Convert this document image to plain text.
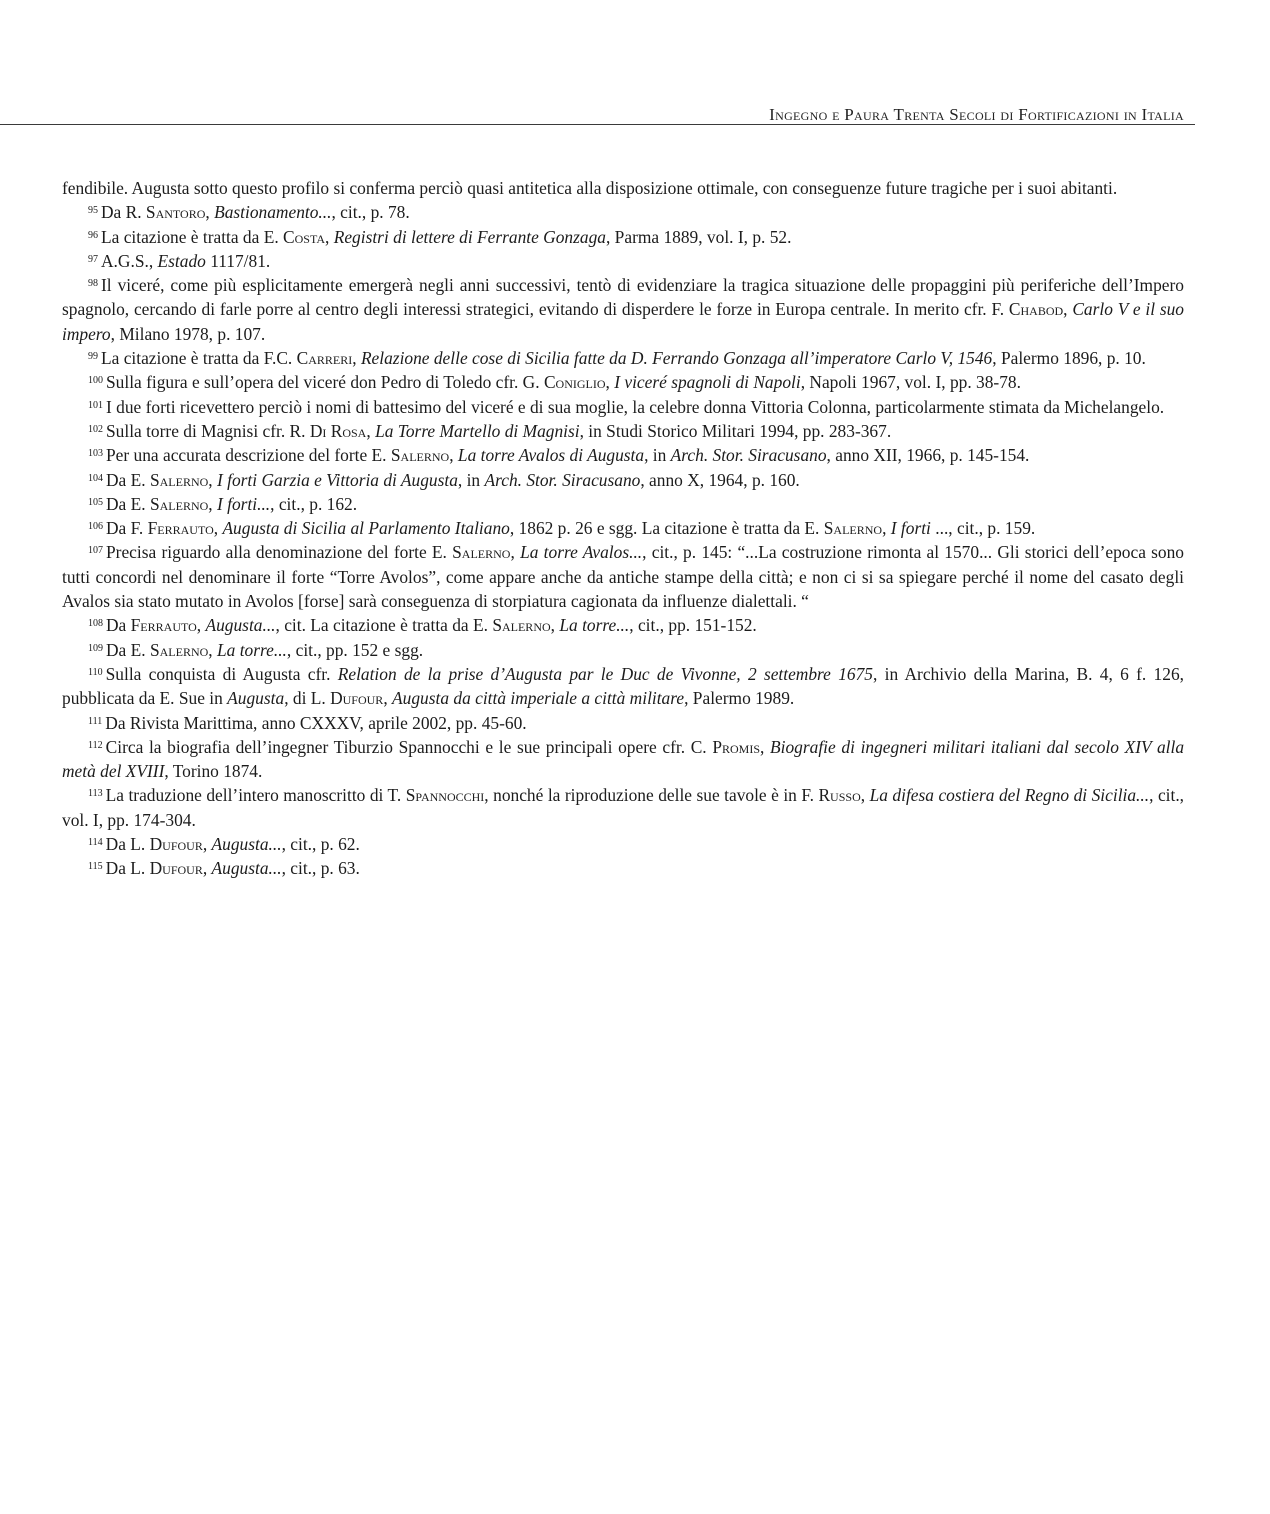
Ingegno e Paura Trenta Secoli di Fortificazioni in Italia

fendibile. Augusta sotto questo profilo si conferma perciò quasi antitetica alla disposizione ottimale, con conseguenze future tragiche per i suoi abitanti.

$^{95}$ Da R. Santoro, Bastionamento..., cit., p. 78.

$^{96}$ La citazione è tratta da E. Costa, Registri di lettere di Ferrante Gonzaga, Parma 1889, vol. I, p. 52.

$^{97}$ A.G.S., Estado 1117/81.

$^{98}$ Il viceré, come più esplicitamente emergerà negli anni successivi, tentò di evidenziare la tragica situazione delle propaggini più periferiche dell’Impero spagnolo, cercando di farle porre al centro degli interessi strategici, evitando di disperdere le forze in Europa centrale. In merito cfr. F. Chabod, Carlo V e il suo impero, Milano 1978, p. 107.

$^{99}$ La citazione è tratta da F.C. Carreri, Relazione delle cose di Sicilia fatte da D. Ferrando Gonzaga all’imperatore Carlo V, 1546, Palermo 1896, p. 10.

$^{100}$ Sulla figura e sull’opera del viceré don Pedro di Toledo cfr. G. Coniglio, I viceré spagnoli di Napoli, Napoli 1967, vol. I, pp. 38-78.

$^{101}$ I due forti ricevettero perciò i nomi di battesimo del viceré e di sua moglie, la celebre donna Vittoria Colonna, particolarmente stimata da Michelangelo.

$^{102}$ Sulla torre di Magnisi cfr. R. Di Rosa, La Torre Martello di Magnisi, in Studi Storico Militari 1994, pp. 283-367.

$^{103}$ Per una accurata descrizione del forte E. Salerno, La torre Avalos di Augusta, in Arch. Stor. Siracusano, anno XII, 1966, p. 145-154.

$^{104}$ Da E. Salerno, I forti Garzia e Vittoria di Augusta, in Arch. Stor. Siracusano, anno X, 1964, p. 160.

$^{105}$ Da E. Salerno, I forti..., cit., p. 162.

$^{106}$ Da F. Ferrauto, Augusta di Sicilia al Parlamento Italiano, 1862 p. 26 e sgg. La citazione è tratta da E. Salerno, I forti ..., cit., p. 159.

$^{107}$ Precisa riguardo alla denominazione del forte E. Salerno, La torre Avalos..., cit., p. 145: “...La costruzione rimonta al 1570... Gli storici dell’epoca sono tutti concordi nel denominare il forte “Torre Avolos”, come appare anche da antiche stampe della città; e non ci si sa spiegare perché il nome del casato degli Avalos sia stato mutato in Avolos [forse] sarà conseguenza di storpiatura cagionata da influenze dialettali. “

$^{108}$ Da Ferrauto, Augusta..., cit. La citazione è tratta da E. Salerno, La torre..., cit., pp. 151-152.

$^{109}$ Da E. Salerno, La torre..., cit., pp. 152 e sgg.

$^{110}$ Sulla conquista di Augusta cfr. Relation de la prise d’Augusta par le Duc de Vivonne, 2 settembre 1675, in Archivio della Marina, B. 4, 6 f. 126, pubblicata da E. Sue in Augusta, di L. Dufour, Augusta da città imperiale a città militare, Palermo 1989.

$^{111}$ Da Rivista Marittima, anno CXXXV, aprile 2002, pp. 45-60.

$^{112}$ Circa la biografia dell’ingegner Tiburzio Spannocchi e le sue principali opere cfr. C. Promis, Biografie di ingegneri militari italiani dal secolo XIV alla metà del XVIII, Torino 1874.

$^{113}$ La traduzione dell’intero manoscritto di T. Spannocchi, nonché la riproduzione delle sue tavole è in F. Russo, La difesa costiera del Regno di Sicilia..., cit., vol. I, pp. 174-304.

$^{114}$ Da L. Dufour, Augusta..., cit., p. 62.

$^{115}$ Da L. Dufour, Augusta..., cit., p. 63.
